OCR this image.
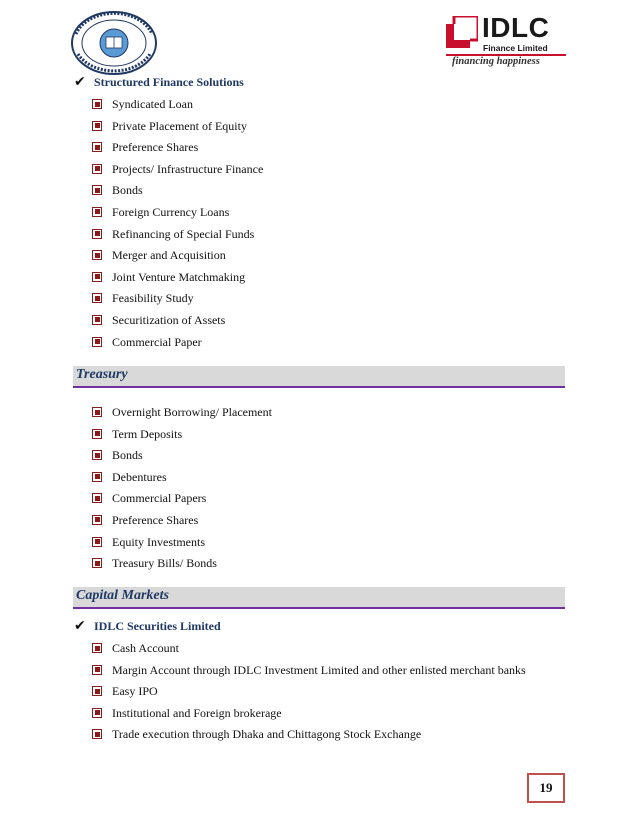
IDLC
Finance Limited
financing happiness
✔ Structured Finance Solutions
Syndicated Loan
Private Placement of Equity
Preference Shares
Projects/ Infrastructure Finance
Bonds
Foreign Currency Loans
Refinancing of Special Funds
Merger and Acquisition
Joint Venture Matchmaking
Feasibility Study
Securitization of Assets
Commercial Paper
Treasury
Overnight Borrowing/ Placement
Term Deposits
Bonds
Debentures
Commercial Papers
Preference Shares
Equity Investments
Treasury Bills/ Bonds
Capital Markets
✔ IDLC Securities Limited
Cash Account
Margin Account through IDLC Investment Limited and other enlisted merchant banks
Easy IPO
Institutional and Foreign brokerage
Trade execution through Dhaka and Chittagong Stock Exchange
19
